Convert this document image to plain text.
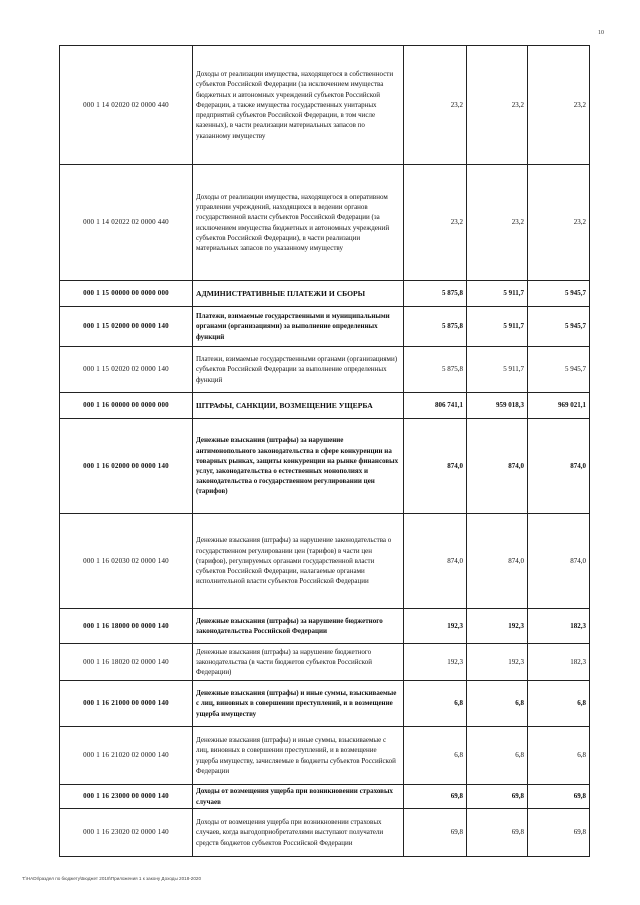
10
000 1 14 02020 02 0000 440	Доходы от реализации имущества, находящегося в собственности субъектов Российской Федерации (за исключением имущества бюджетных и автономных учреждений субъектов Российской Федерации, а также имущества государственных унитарных предприятий субъектов Российской Федерации, в том числе казенных), в части реализации материальных запасов по указанному имуществу	23,2	23,2	23,2
000 1 14 02022 02 0000 440	Доходы от реализации имущества, находящегося в оперативном управлении учреждений, находящихся в ведении органов государственной власти субъектов Российской Федерации (за исключением имущества бюджетных и автономных учреждений субъектов Российской Федерации), в части реализации материальных запасов по указанному имуществу	23,2	23,2	23,2
000 1 15 00000 00 0000 000	АДМИНИСТРАТИВНЫЕ ПЛАТЕЖИ И СБОРЫ	5 875,8	5 911,7	5 945,7
000 1 15 02000 00 0000 140	Платежи, взимаемые государственными и муниципальными органами (организациями) за выполнение определенных функций	5 875,8	5 911,7	5 945,7
000 1 15 02020 02 0000 140	Платежи, взимаемые государственными органами (организациями) субъектов Российской Федерации за выполнение определенных функций	5 875,8	5 911,7	5 945,7
000 1 16 00000 00 0000 000	ШТРАФЫ, САНКЦИИ, ВОЗМЕЩЕНИЕ УЩЕРБА	806 741,1	959 018,3	969 021,1
000 1 16 02000 00 0000 140	Денежные взыскания (штрафы) за нарушение антимонопольного законодательства в сфере конкуренции на товарных рынках, защиты конкуренции на рынке финансовых услуг, законодательства о естественных монополиях и законодательства о государственном регулировании цен (тарифов)	874,0	874,0	874,0
000 1 16 02030 02 0000 140	Денежные взыскания (штрафы) за нарушение законодательства о государственном регулировании цен (тарифов) в части цен (тарифов), регулируемых органами государственной власти субъектов Российской Федерации, налагаемые органами исполнительной власти субъектов Российской Федерации	874,0	874,0	874,0
000 1 16 18000 00 0000 140	Денежные взыскания (штрафы) за нарушение бюджетного законодательства Российской Федерации	192,3	192,3	182,3
000 1 16 18020 02 0000 140	Денежные взыскания (штрафы) за нарушение бюджетного законодательства (в части бюджетов субъектов Российской Федерации)	192,3	192,3	182,3
000 1 16 21000 00 0000 140	Денежные взыскания (штрафы) и иные суммы, взыскиваемые с лиц, виновных в совершении преступлений, и в возмещение ущерба имуществу	6,8	6,8	6,8
000 1 16 21020 02 0000 140	Денежные взыскания (штрафы) и иные суммы, взыскиваемые с лиц, виновных в совершении преступлений, и в возмещение ущерба имуществу, зачисляемые в бюджеты субъектов Российской Федерации	6,8	6,8	6,8
000 1 16 23000 00 0000 140	Доходы от возмещения ущерба при возникновении страховых случаев	69,8	69,8	69,8
000 1 16 23020 02 0000 140	Доходы от возмещения ущерба при возникновении страховых случаев, когда выгодоприобретателями выступают получатели средств бюджетов субъектов Российской Федерации	69,8	69,8	69,8
T:\HADI\раздел по бюджету\Бюджет 2018\Приложения 1 к закону Доходы 2018-2020
